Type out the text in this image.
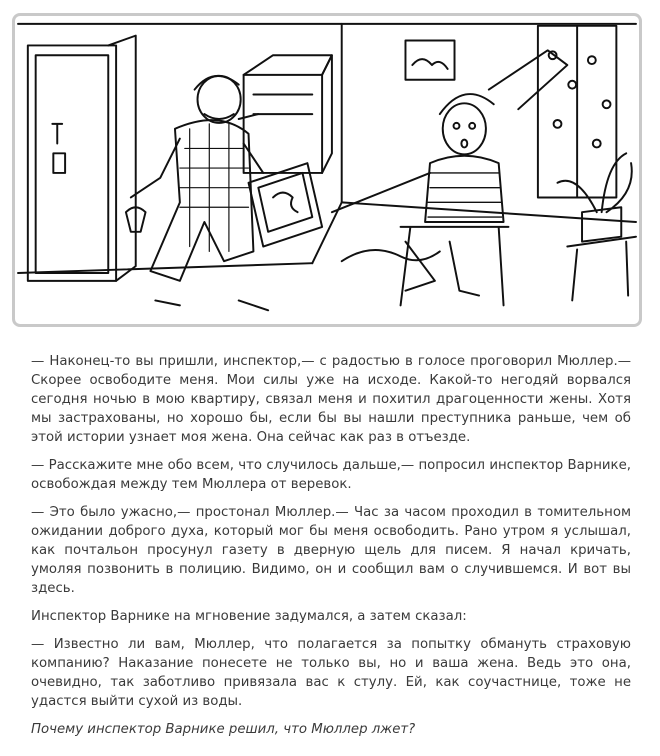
— Наконец-то вы пришли, инспектор,— с радостью в голосе проговорил Мюллер.— Скорее освободите меня. Мои силы уже на исходе. Какой-то негодяй ворвался сегодня ночью в мою квартиру, связал меня и похитил драгоценности жены. Хотя мы застрахованы, но хорошо бы, если бы вы нашли преступника раньше, чем об этой истории узнает моя жена. Она сейчас как раз в отъезде.

— Расскажите мне обо всем, что случилось дальше,— попросил инспектор Варнике, освобождая между тем Мюллера от веревок.

— Это было ужасно,— простонал Мюллер.— Час за часом проходил в томительном ожидании доброго духа, который мог бы меня освободить. Рано утром я услышал, как почтальон просунул газету в дверную щель для писем. Я начал кричать, умоляя позвонить в полицию. Видимо, он и сообщил вам о случившемся. И вот вы здесь.

Инспектор Варнике на мгновение задумался, а затем сказал:

— Известно ли вам, Мюллер, что полагается за попытку обмануть страховую компанию? Наказание понесете не только вы, но и ваша жена. Ведь это она, очевидно, так заботливо привязала вас к стулу. Ей, как соучастнице, тоже не удастся выйти сухой из воды.

Почему инспектор Варнике решил, что Мюллер лжет?
